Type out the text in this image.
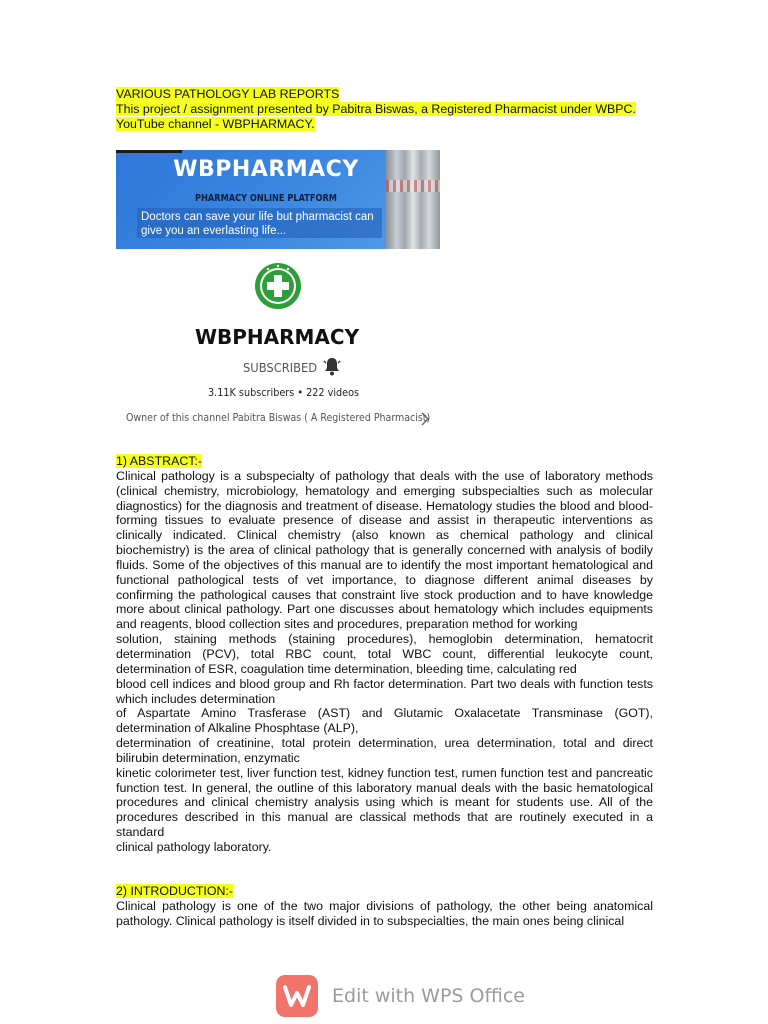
VARIOUS PATHOLOGY LAB REPORTS
This project / assignment presented by Pabitra Biswas, a Registered Pharmacist under WBPC.
YouTube channel - WBPHARMACY.
WBPHARMACY
PHARMACY ONLINE PLATFORM
Doctors can save your life but pharmacist can
give you an everlasting life...
WBPHARMACY
SUBSCRIBED
3.11K subscribers • 222 videos
Owner of this channel Pabitra Biswas ( A Registered Pharmacist)

1) ABSTRACT:-

Clinical pathology is a subspecialty of pathology that deals with the use of laboratory methods (clinical chemistry, microbiology, hematology and emerging subspecialties such as molecular diagnostics) for the diagnosis and treatment of disease. Hematology studies the blood and blood-forming tissues to evaluate presence of disease and assist in therapeutic interventions as clinically indicated. Clinical chemistry (also known as chemical pathology and clinical biochemistry) is the area of clinical pathology that is generally concerned with analysis of bodily fluids. Some of the objectives of this manual are to identify the most important hematological and functional pathological tests of vet importance, to diagnose different animal diseases by confirming the pathological causes that constraint live stock production and to have knowledge more about clinical pathology. Part one discusses about hematology which includes equipments and reagents, blood collection sites and procedures, preparation method for working

solution, staining methods (staining procedures), hemoglobin determination, hematocrit determination (PCV), total RBC count, total WBC count, differential leukocyte count, determination of ESR, coagulation time determination, bleeding time, calculating red

blood cell indices and blood group and Rh factor determination. Part two deals with function tests which includes determination

of Aspartate Amino Trasferase (AST) and Glutamic Oxalacetate Transminase (GOT), determination of Alkaline Phosphtase (ALP),

determination of creatinine, total protein determination, urea determination, total and direct bilirubin determination, enzymatic

kinetic colorimeter test, liver function test, kidney function test, rumen function test and pancreatic function test. In general, the outline of this laboratory manual deals with the basic hematological procedures and clinical chemistry analysis using which is meant for students use. All of the procedures described in this manual are classical methods that are routinely executed in a standard

clinical pathology laboratory.

2) INTRODUCTION:-

Clinical pathology is one of the two major divisions of pathology, the other being anatomical pathology. Clinical pathology is itself divided in to subspecialties, the main ones being clinical

Edit with WPS Office
